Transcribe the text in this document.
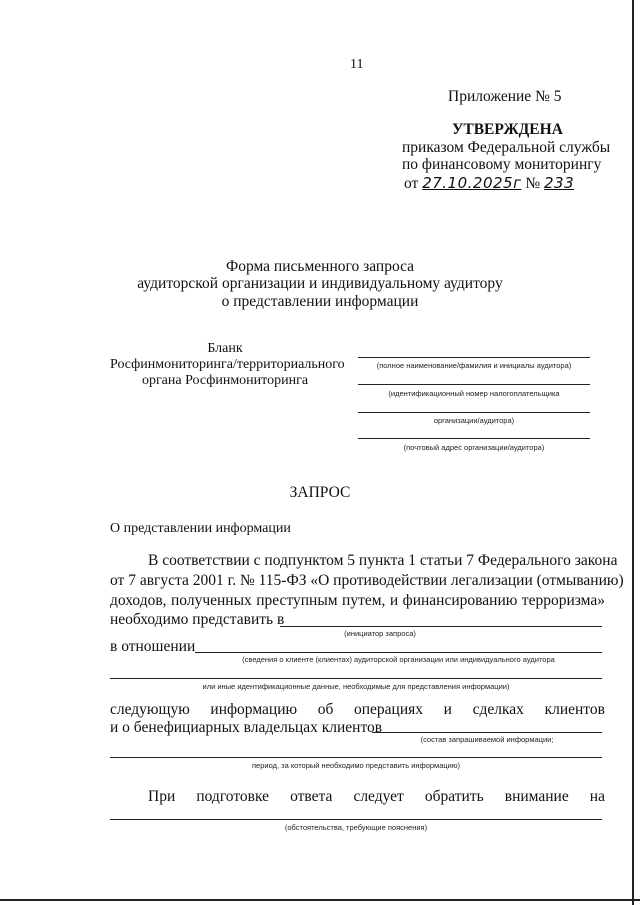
11
Приложение № 5
УТВЕРЖДЕНА
приказом Федеральной службы
по финансовому мониторингу
от 27.10.2025г № 233
Форма письменного запроса
аудиторской организации и индивидуальному аудитору
о представлении информации
Бланк
Росфинмониторинга/территориального
органа Росфинмониторинга
(полное наименование/фамилия и инициалы аудитора)
(идентификационный номер налогоплательщика
организации/аудитора)
(почтовый адрес организации/аудитора)
ЗАПРОС
О представлении информации
В соответствии с подпунктом 5 пункта 1 статьи 7 Федерального закона
от 7 августа 2001 г. № 115-ФЗ «О противодействии легализации (отмыванию)
доходов, полученных преступным путем, и финансированию терроризма»
необходимо представить в
(инициатор запроса)
в отношении
(сведения о клиенте (клиентах) аудиторской организации или индивидуального аудитора
или иные идентификационные данные, необходимые для представления информации)
следующую информацию об операциях и сделках клиентов
и о бенефициарных владельцах клиентов
(состав запрашиваемой информации;
период, за который необходимо представить информацию)
При подготовке ответа следует обратить внимание на
(обстоятельства, требующие пояснения)
